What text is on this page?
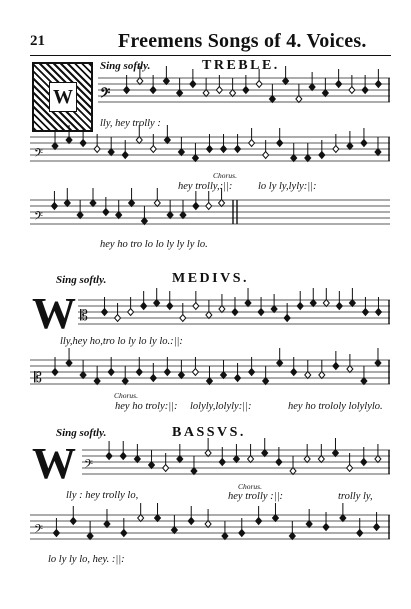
21	Freemens Songs of 4. Voices.
W
Sing softly.	TREBLE.
𝄢
𝄢
𝄢
𝄡
𝄡
𝄢
𝄢
lly, hey trolly :
Chorus.
hey trolly,:||: lo ly ly,lyly:||:
hey ho tro lo lo ly ly ly lo.
Sing softly.	MEDIVS.
W
lly,hey ho,tro lo ly lo ly lo.:||:
Chorus.
hey ho troly:||: lolyly,lolyly:||:	hey ho trololy lolylylo.
Sing softly.	BASSVS.
W
lly : hey trolly lo,
Chorus.
hey trolly :||:	trolly ly,
lo ly ly lo, hey. :||:
